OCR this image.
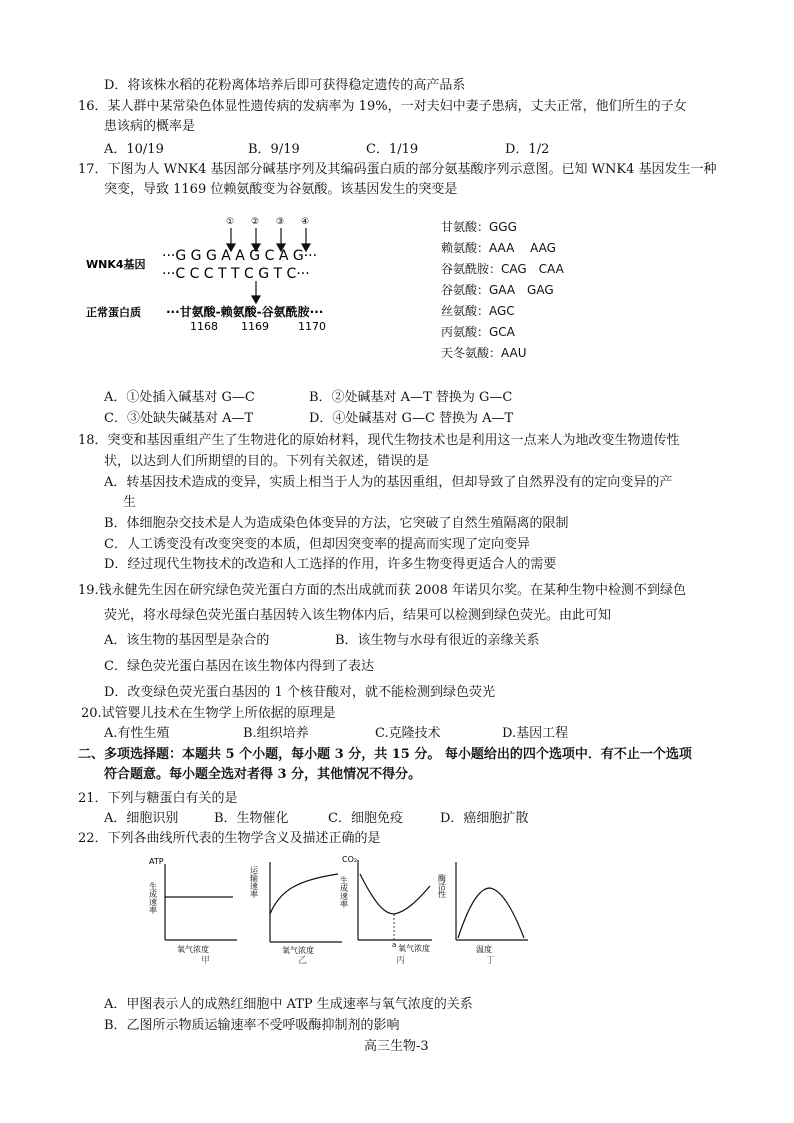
D．将该株水稻的花粉离体培养后即可获得稳定遗传的高产品系
16．某人群中某常染色体显性遗传病的发病率为 19%，一对夫妇中妻子患病，丈夫正常，他们所生的子女
患该病的概率是
A．10/19	B．9/19	C．1/19	D．1/2
17．下图为人 WNK4 基因部分碱基序列及其编码蛋白质的部分氨基酸序列示意图。已知 WNK4 基因发生一种
突变，导致 1169 位赖氨酸变为谷氨酸。该基因发生的突变是
① ② ③ ④
WNK4基因
···G G G A A G C A G···
···C C C T T C G T C···
正常蛋白质 ···甘氨酸-赖氨酸-谷氨酰胺···
1168 1169	1170
甘氨酸：GGG
赖氨酸：AAA　 AAG
谷氨酰胺：CAG　CAA
谷氨酸：GAA　GAG
丝氨酸：AGC
丙氨酸：GCA
天冬氨酸：AAU
A．①处插入碱基对 G—C	B．②处碱基对 A—T 替换为 G—C
C．③处缺失碱基对 A—T	D．④处碱基对 G—C 替换为 A—T
18．突变和基因重组产生了生物进化的原始材料，现代生物技术也是利用这一点来人为地改变生物遗传性
状，以达到人们所期望的目的。下列有关叙述，错误的是
A．转基因技术造成的变异，实质上相当于人为的基因重组，但却导致了自然界没有的定向变异的产
生
B．体细胞杂交技术是人为造成染色体变异的方法，它突破了自然生殖隔离的限制
C．人工诱变没有改变突变的本质，但却因突变率的提高而实现了定向变异
D．经过现代生物技术的改造和人工选择的作用，许多生物变得更适合人的需要
19.钱永健先生因在研究绿色荧光蛋白方面的杰出成就而获 2008 年诺贝尔奖。在某种生物中检测不到绿色
荧光，将水母绿色荧光蛋白基因转入该生物体内后，结果可以检测到绿色荧光。由此可知
A．该生物的基因型是杂合的	B．该生物与水母有很近的亲缘关系
C．绿色荧光蛋白基因在该生物体内得到了表达
D．改变绿色荧光蛋白基因的 1 个核苷酸对，就不能检测到绿色荧光
20.试管婴儿技术在生物学上所依据的原理是
A.有性生殖	B.组织培养	C.克隆技术	D.基因工程
二、多项选择题：本题共 5 个小题，每小题 3 分，共 15 分。 每小题给出的四个选项中．有不止一个选项
符合题意。每小题全选对者得 3 分，其他情况不得分。
21．下列与糖蛋白有关的是
A．细胞识别	B．生物催化	C．细胞免疫	D．癌细胞扩散
22．下列各曲线所代表的生物学含义及描述正确的是
ATP
生成速率
氧气浓度
甲
运输速率
氧气浓度
乙
CO₂
生成速率
a 氧气浓度
丙
酶活性
温度
丁
A．甲图表示人的成熟红细胞中 ATP 生成速率与氧气浓度的关系
B．乙图所示物质运输速率不受呼吸酶抑制剂的影响
高三生物-3
